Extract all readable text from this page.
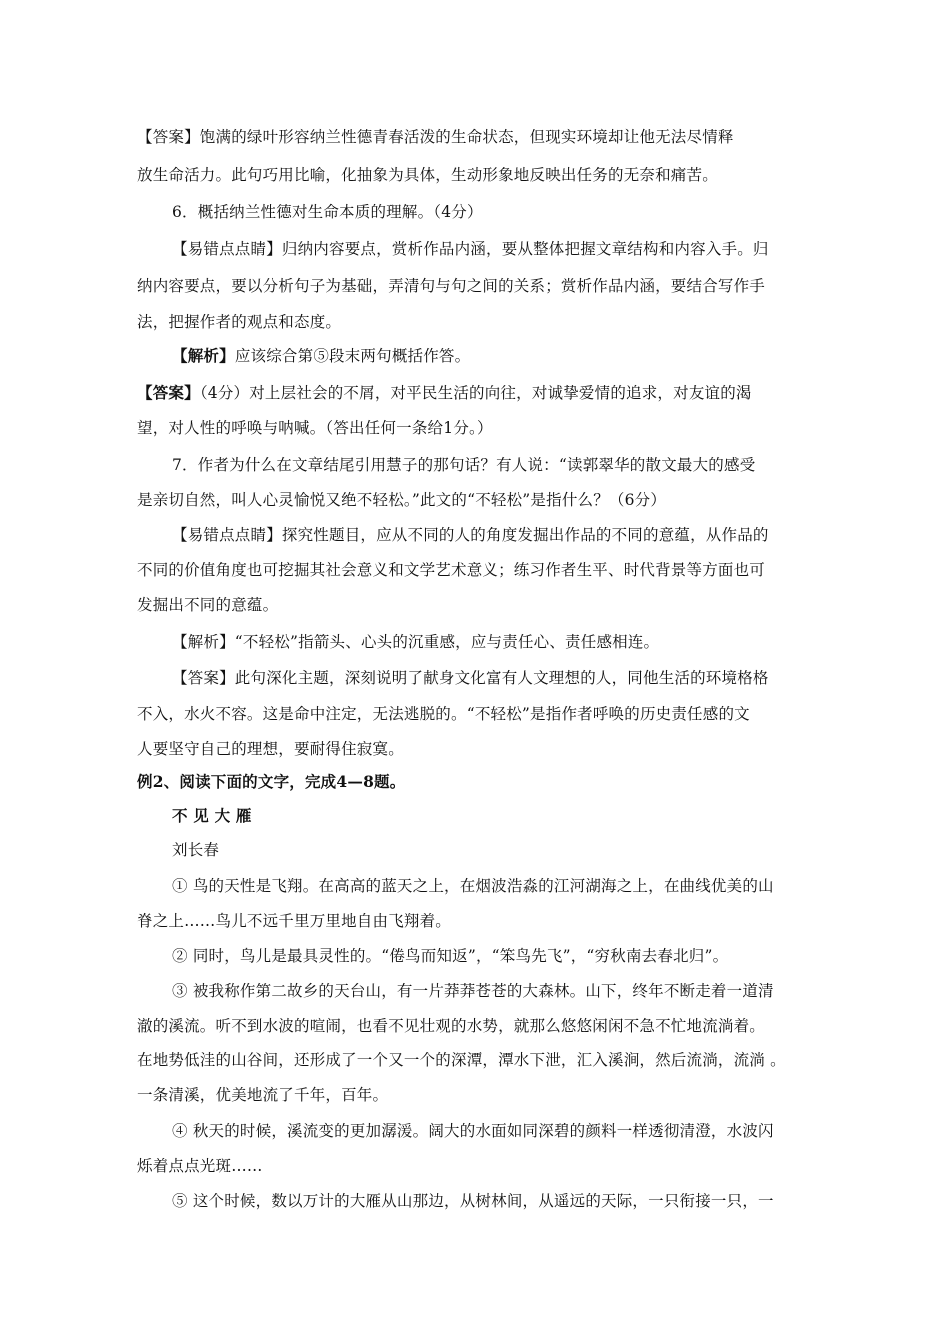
【答案】饱满的绿叶形容纳兰性德青春活泼的生命状态，但现实环境却让他无法尽情释
放生命活力。此句巧用比喻，化抽象为具体，生动形象地反映出任务的无奈和痛苦。
6．概括纳兰性德对生命本质的理解。（4分）
【易错点点睛】归纳内容要点，赏析作品内涵，要从整体把握文章结构和内容入手。归
纳内容要点，要以分析句子为基础，弄清句与句之间的关系；赏析作品内涵，要结合写作手
法，把握作者的观点和态度。
【解析】应该综合第⑤段末两句概括作答。
【答案】（4分）对上层社会的不屑，对平民生活的向往，对诚挚爱情的追求，对友谊的渴
望，对人性的呼唤与呐喊。（答出任何一条给1分。）
7．作者为什么在文章结尾引用慧子的那句话？有人说：“读郭翠华的散文最大的感受
是亲切自然，叫人心灵愉悦又绝不轻松。”此文的“不轻松”是指什么？（6分）
【易错点点睛】探究性题目，应从不同的人的角度发掘出作品的不同的意蕴，从作品的
不同的价值角度也可挖掘其社会意义和文学艺术意义；练习作者生平、时代背景等方面也可
发掘出不同的意蕴。
【解析】“不轻松”指箭头、心头的沉重感，应与责任心、责任感相连。
【答案】此句深化主题，深刻说明了献身文化富有人文理想的人，同他生活的环境格格
不入，水火不容。这是命中注定，无法逃脱的。“不轻松”是指作者呼唤的历史责任感的文
人要坚守自己的理想，要耐得住寂寞。
例2、阅读下面的文字，完成4—8题。
不 见 大 雁
刘长春
① 鸟的天性是飞翔。在高高的蓝天之上，在烟波浩淼的江河湖海之上，在曲线优美的山
脊之上……鸟儿不远千里万里地自由飞翔着。
② 同时，鸟儿是最具灵性的。“倦鸟而知返”，“笨鸟先飞”，“穷秋南去春北归”。
③ 被我称作第二故乡的天台山，有一片莽莽苍苍的大森林。山下，终年不断走着一道清
澈的溪流。听不到水波的喧闹，也看不见壮观的水势，就那么悠悠闲闲不急不忙地流淌着。
在地势低洼的山谷间，还形成了一个又一个的深潭，潭水下泄，汇入溪涧，然后流淌，流淌 。
一条清溪，优美地流了千年，百年。
④ 秋天的时候，溪流变的更加潺湲。阔大的水面如同深碧的颜料一样透彻清澄，水波闪
烁着点点光斑……
⑤ 这个时候，数以万计的大雁从山那边，从树林间，从遥远的天际，一只衔接一只，一
